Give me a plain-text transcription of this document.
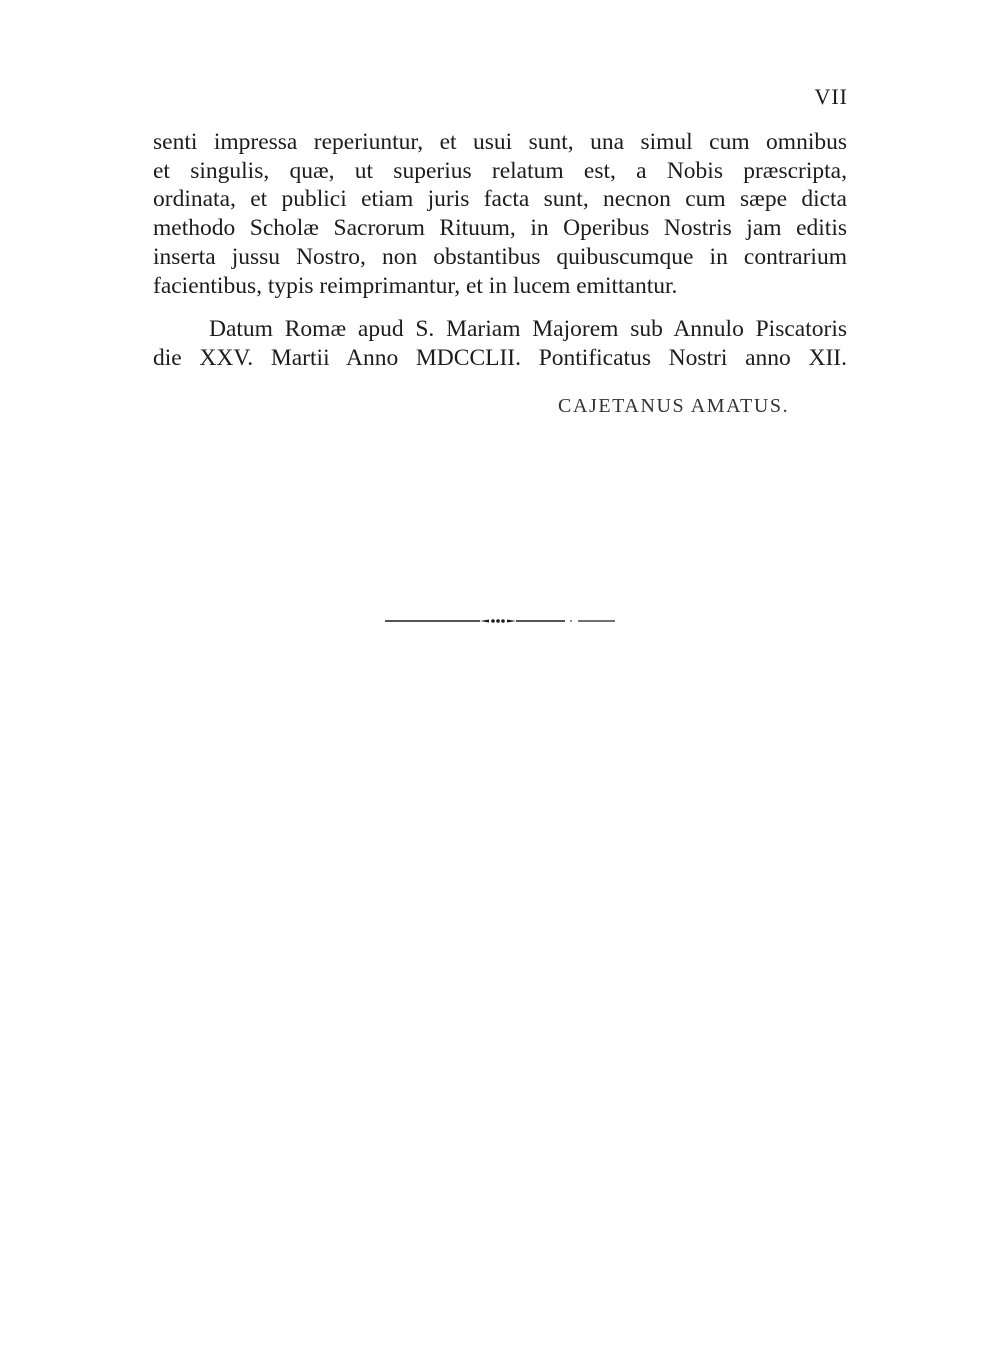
VII
senti impressa reperiuntur, et usui sunt, una simul cum omnibus
et singulis, quæ, ut superius relatum est, a Nobis præscripta,
ordinata, et publici etiam juris facta sunt, necnon cum sæpe dicta
methodo Scholæ Sacrorum Rituum, in Operibus Nostris jam editis
inserta jussu Nostro, non obstantibus quibuscumque in contrarium
facientibus, typis reimprimantur, et in lucem emittantur.
Datum Romæ apud S. Mariam Majorem sub Annulo Piscatoris
die XXV. Martii Anno MDCCLII. Pontificatus Nostri anno XII.
CAJETANUS AMATUS.
